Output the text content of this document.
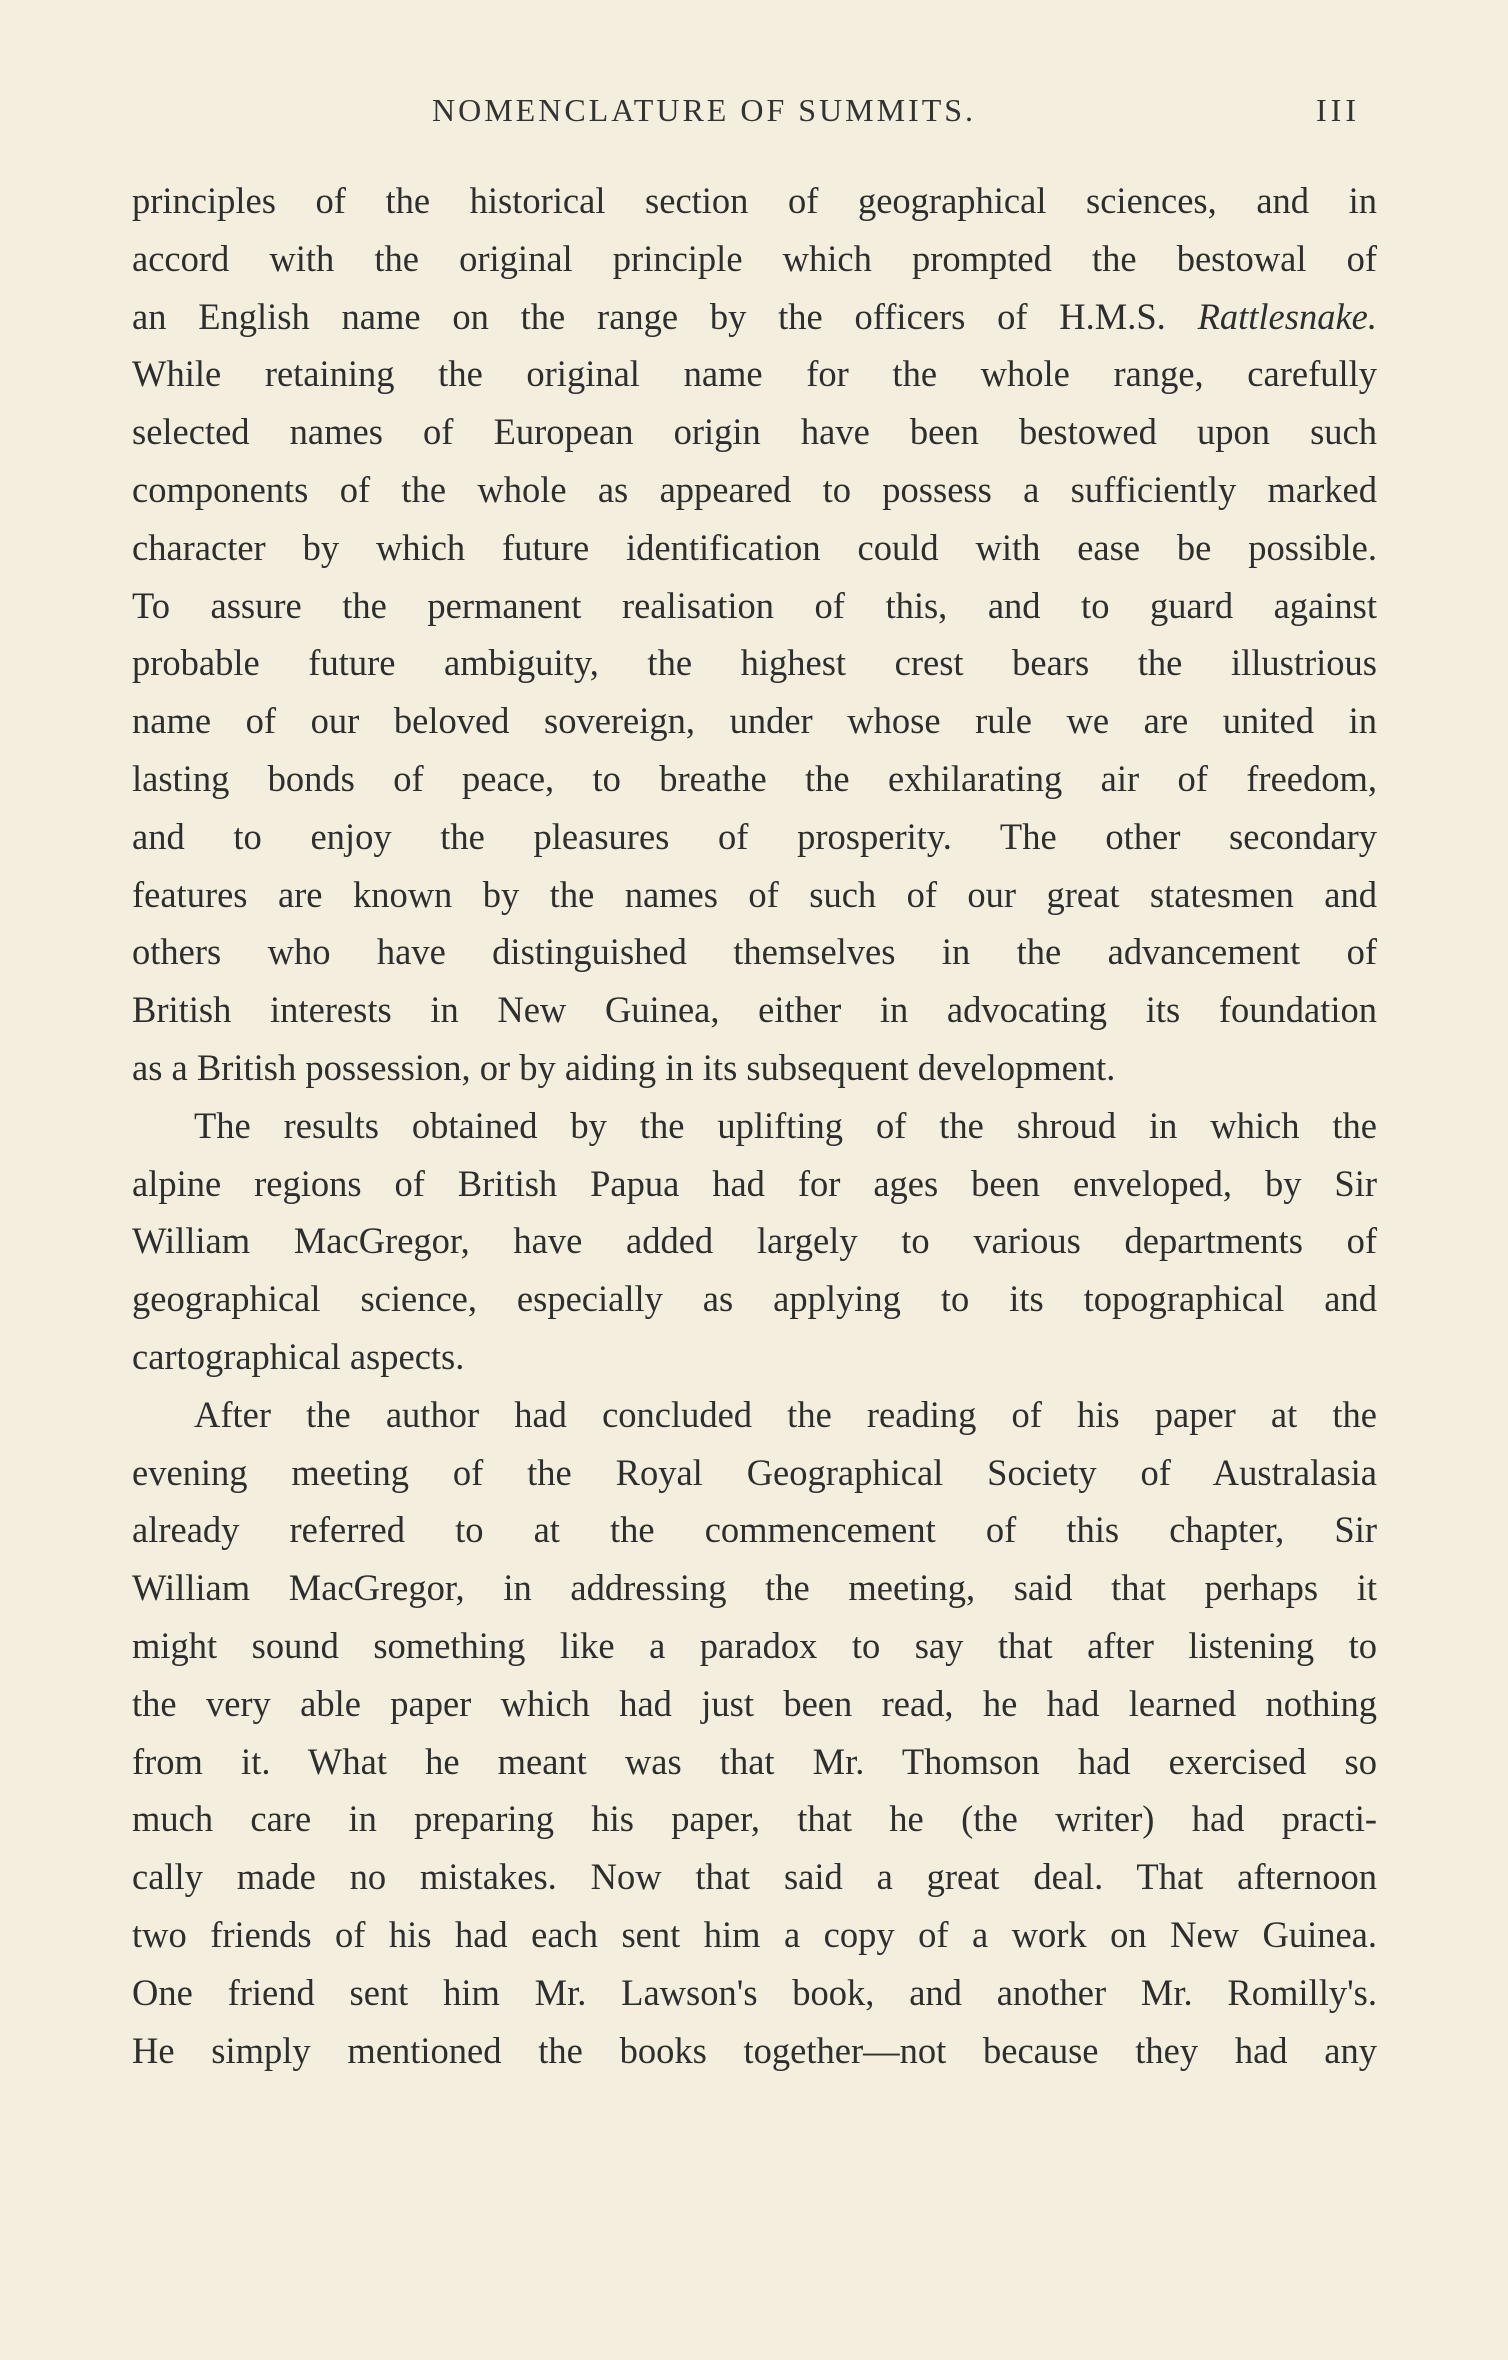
NOMENCLATURE OF SUMMITS.	III
principles of the historical section of geographical sciences, and in
accord with the original principle which prompted the bestowal of
an English name on the range by the officers of H.M.S. Rattlesnake.
While retaining the original name for the whole range, carefully
selected names of European origin have been bestowed upon such
components of the whole as appeared to possess a sufficiently marked
character by which future identification could with ease be possible.
To assure the permanent realisation of this, and to guard against
probable future ambiguity, the highest crest bears the illustrious
name of our beloved sovereign, under whose rule we are united in
lasting bonds of peace, to breathe the exhilarating air of freedom,
and to enjoy the pleasures of prosperity. The other secondary
features are known by the names of such of our great statesmen and
others who have distinguished themselves in the advancement of
British interests in New Guinea, either in advocating its foundation
as a British possession, or by aiding in its subsequent development.
The results obtained by the uplifting of the shroud in which the
alpine regions of British Papua had for ages been enveloped, by Sir
William MacGregor, have added largely to various departments of
geographical science, especially as applying to its topographical and
cartographical aspects.
After the author had concluded the reading of his paper at the
evening meeting of the Royal Geographical Society of Australasia
already referred to at the commencement of this chapter, Sir
William MacGregor, in addressing the meeting, said that perhaps it
might sound something like a paradox to say that after listening to
the very able paper which had just been read, he had learned nothing
from it. What he meant was that Mr. Thomson had exercised so
much care in preparing his paper, that he (the writer) had practi-
cally made no mistakes. Now that said a great deal. That afternoon
two friends of his had each sent him a copy of a work on New Guinea.
One friend sent him Mr. Lawson's book, and another Mr. Romilly's.
He simply mentioned the books together—not because they had any
